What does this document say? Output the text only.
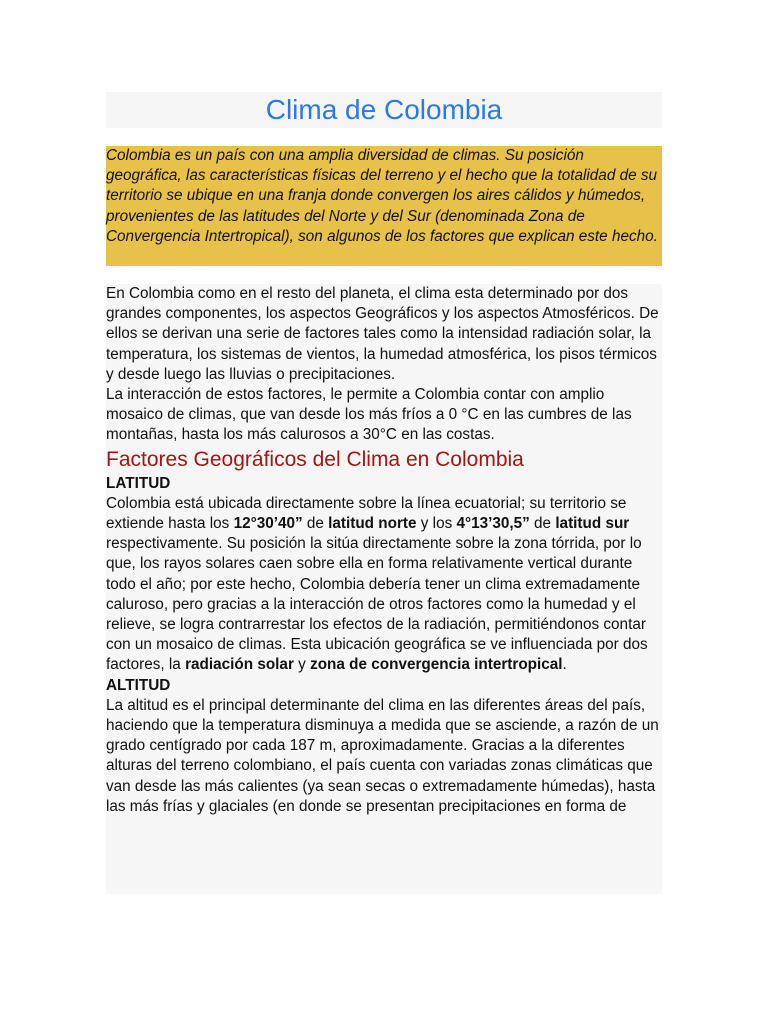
Clima de Colombia

Colombia es un país con una amplia diversidad de climas. Su posición geográfica, las características físicas del terreno y el hecho que la totalidad de su territorio se ubique en una franja donde convergen los aires cálidos y húmedos, provenientes de las latitudes del Norte y del Sur (denominada Zona de Convergencia Intertropical), son algunos de los factores que explican este hecho.

En Colombia como en el resto del planeta, el clima esta determinado por dos grandes componentes, los aspectos Geográficos y los aspectos Atmosféricos. De ellos se derivan una serie de factores tales como la intensidad radiación solar, la temperatura, los sistemas de vientos, la humedad atmosférica, los pisos térmicos y desde luego las lluvias o precipitaciones.

La interacción de estos factores, le permite a Colombia contar con amplio mosaico de climas, que van desde los más fríos a 0 °C en las cumbres de las montañas, hasta los más calurosos a 30°C en las costas.

Factores Geográficos del Clima en Colombia
LATITUD

Colombia está ubicada directamente sobre la línea ecuatorial; su territorio se extiende hasta los 12°30’40” de latitud norte y los 4°13’30,5” de latitud sur respectivamente. Su posición la sitúa directamente sobre la zona tórrida, por lo que, los rayos solares caen sobre ella en forma relativamente vertical durante todo el año; por este hecho, Colombia debería tener un clima extremadamente caluroso, pero gracias a la interacción de otros factores como la humedad y el relieve, se logra contrarrestar los efectos de la radiación, permitiéndonos contar con un mosaico de climas. Esta ubicación geográfica se ve influenciada por dos factores, la radiación solar y zona de convergencia intertropical.

ALTITUD

La altitud es el principal determinante del clima en las diferentes áreas del país, haciendo que la temperatura disminuya a medida que se asciende, a razón de un grado centígrado por cada 187 m, aproximadamente. Gracias a la diferentes alturas del terreno colombiano, el país cuenta con variadas zonas climáticas que van desde las más calientes (ya sean secas o extremadamente húmedas), hasta las más frías y glaciales (en donde se presentan precipitaciones en forma de
